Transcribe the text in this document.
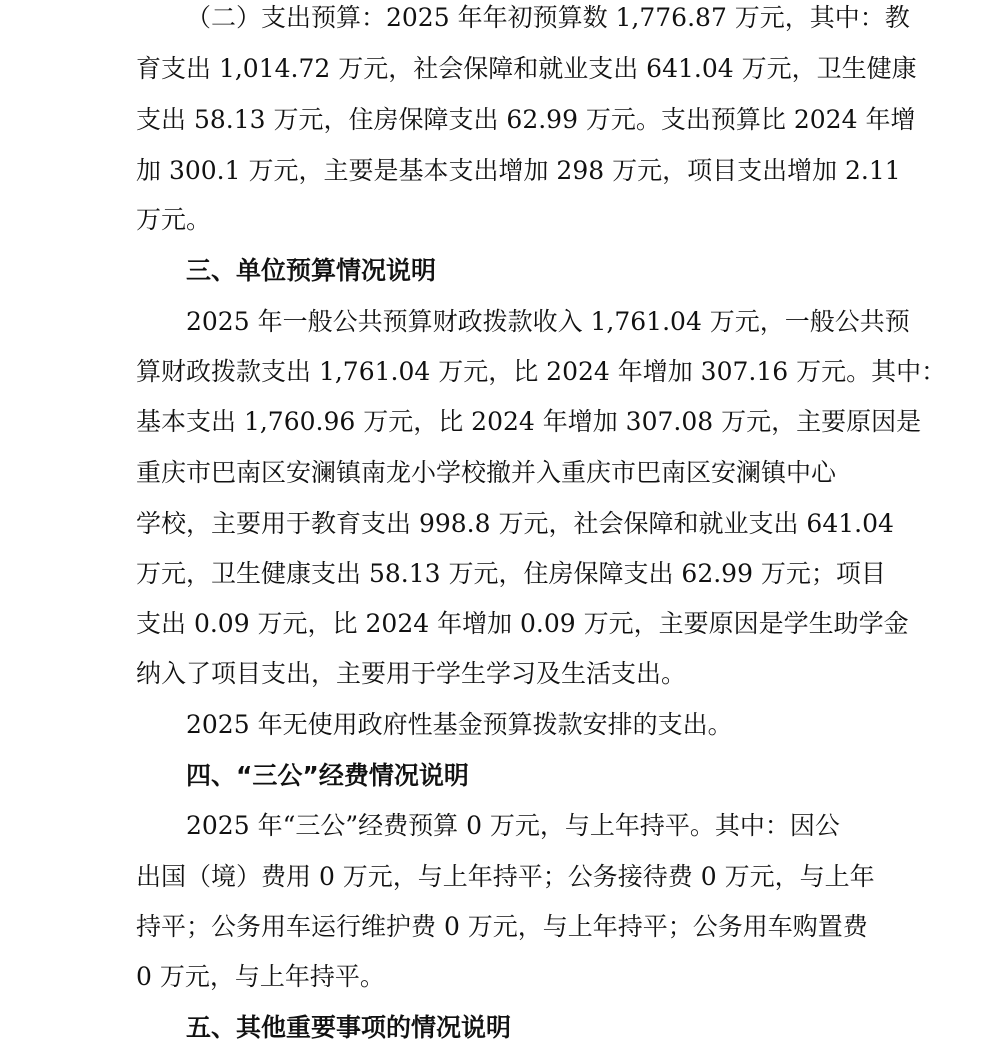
（二）支出预算：2025 年年初预算数 1,776.87 万元，其中：教

育支出 1,014.72 万元，社会保障和就业支出 641.04 万元，卫生健康

支出 58.13 万元，住房保障支出 62.99 万元。支出预算比 2024 年增

加 300.1 万元，主要是基本支出增加 298 万元，项目支出增加 2.11

万元。

三、单位预算情况说明

2025 年一般公共预算财政拨款收入 1,761.04 万元，一般公共预

算财政拨款支出 1,761.04 万元，比 2024 年增加 307.16 万元。其中：

基本支出 1,760.96 万元，比 2024 年增加 307.08 万元，主要原因是

重庆市巴南区安澜镇南龙小学校撤并入重庆市巴南区安澜镇中心

学校，主要用于教育支出 998.8 万元，社会保障和就业支出 641.04

万元，卫生健康支出 58.13 万元，住房保障支出 62.99 万元；项目

支出 0.09 万元，比 2024 年增加 0.09 万元，主要原因是学生助学金

纳入了项目支出，主要用于学生学习及生活支出。

2025 年无使用政府性基金预算拨款安排的支出。

四、“三公”经费情况说明

2025 年“三公”经费预算 0 万元，与上年持平。其中：因公

出国（境）费用 0 万元，与上年持平；公务接待费 0 万元，与上年

持平；公务用车运行维护费 0 万元，与上年持平；公务用车购置费

0 万元，与上年持平。

五、其他重要事项的情况说明
